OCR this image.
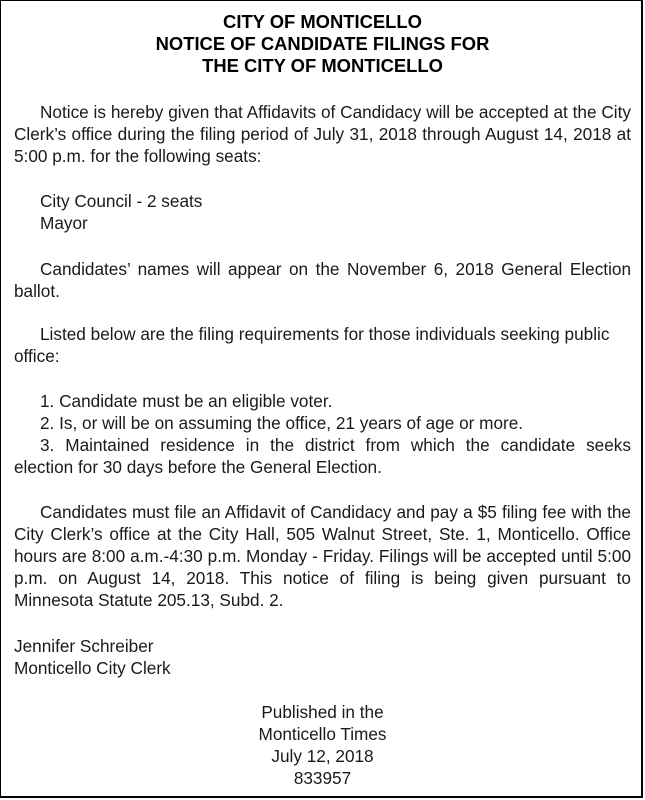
CITY OF MONTICELLO
NOTICE OF CANDIDATE FILINGS FOR
THE CITY OF MONTICELLO

Notice is hereby given that Affidavits of Candidacy will be accepted at the City Clerk’s office during the filing period of July 31, 2018 through August 14, 2018 at 5:00 p.m. for the following seats:

City Council - 2 seats

Mayor

Candidates’ names will appear on the November 6, 2018 General Election ballot.

Listed below are the filing requirements for those individuals seeking public office:

1. Candidate must be an eligible voter.

2. Is, or will be on assuming the office, 21 years of age or more.

3. Maintained residence in the district from which the candidate seeks election for 30 days before the General Election.

Candidates must file an Affidavit of Candidacy and pay a $5 filing fee with the City Clerk’s office at the City Hall, 505 Walnut Street, Ste. 1, Monticello. Office hours are 8:00 a.m.-4:30 p.m. Monday - Friday. Filings will be accepted until 5:00 p.m. on August 14, 2018. This notice of filing is being given pursuant to Minnesota Statute 205.13, Subd. 2.

Jennifer Schreiber

Monticello City Clerk

Published in the
Monticello Times
July 12, 2018
833957
